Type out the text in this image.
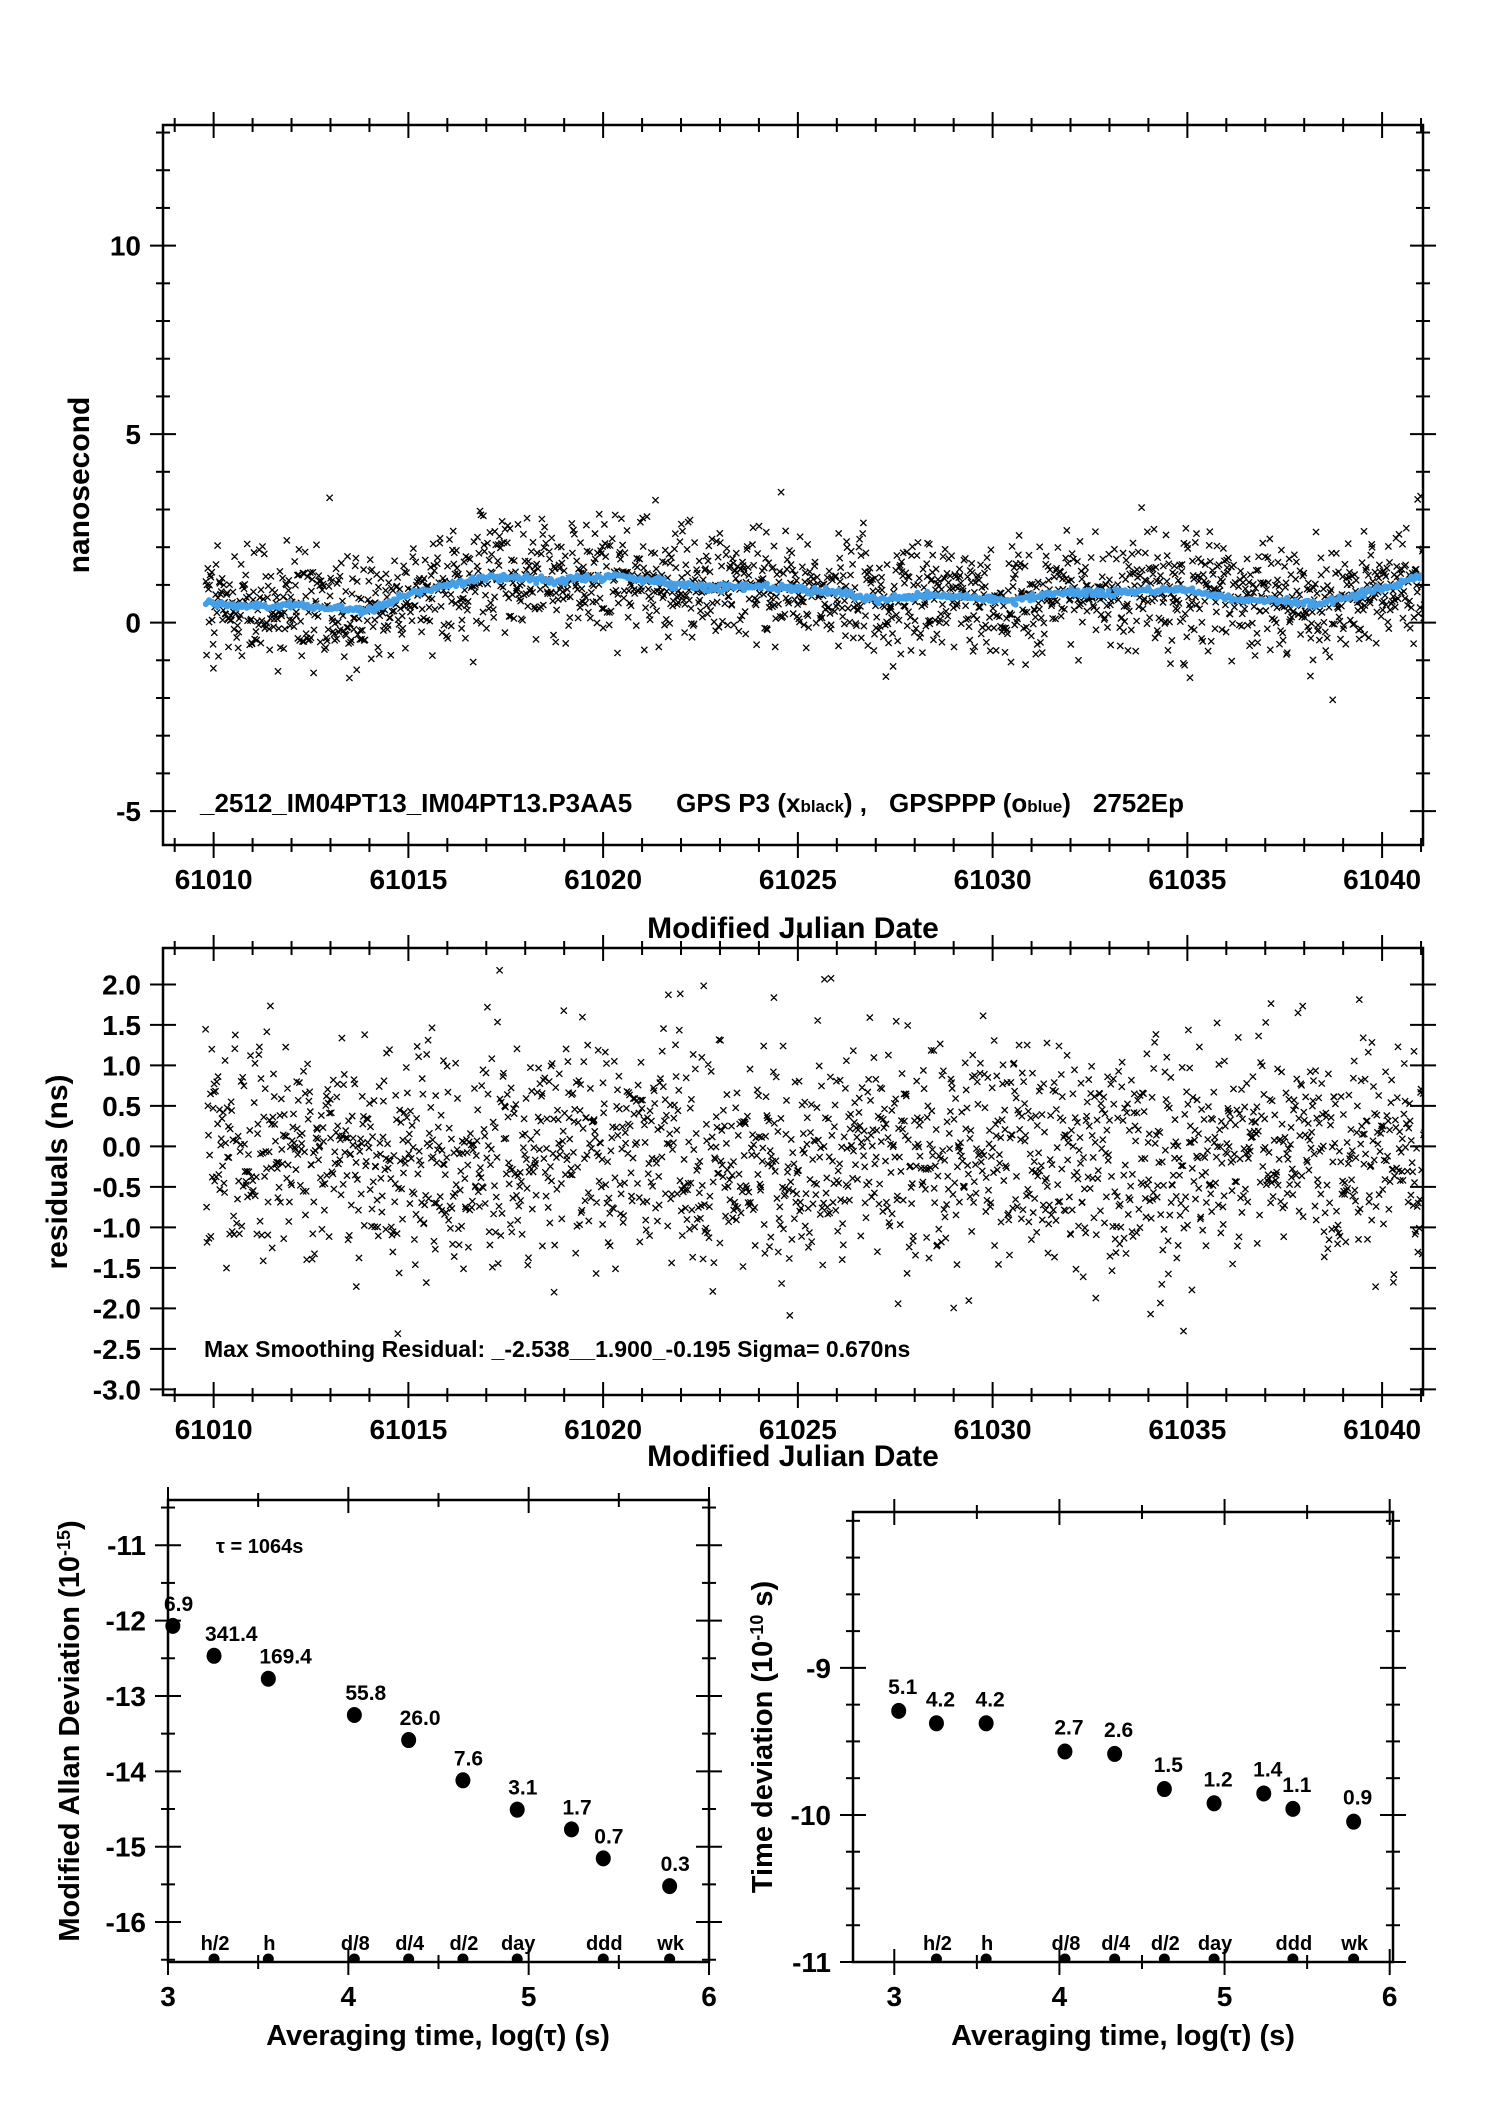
61010	61015	61020	61025	61030	61035	61040
10
5
0
-5
61010	61015	61020	61025	61030	61035	61040
2.0
1.5
1.0
0.5
0.0
-0.5
-1.0
-1.5
-2.0
-2.5
-3.0
3	4	5	6
-11
-12
-13
-14
-15
-16
6.9
341.4
169.4
55.8
26.0
7.6
3.1
1.7
0.7
0.3
h/2 h	d/8 d/4 d/2 day	ddd wk
3	4	5	6
-9
-10
-11
5.1
4.2 4.2
2.7 2.6
1.5
1.2 1.4
1.1
0.9
h/2 h	d/8 d/4 d/2 day ddd wk
nanosecond
_2512_IM04PT13_IM04PT13.P3AA5 GPS P3 (x black ) , GPSPPP (o blue ) 2752Ep
Modified Julian Date
residuals (ns)
Max Smoothing Residual: _-2.538__1.900_-0.195 Sigma= 0.670ns
Modified Julian Date
Modified Allan Deviation $(10^{-15})$
τ = 1064s
Averaging time, log(τ) (s)
Time deviation ($10^{-10}$ s)
Averaging time, log(τ) (s)
